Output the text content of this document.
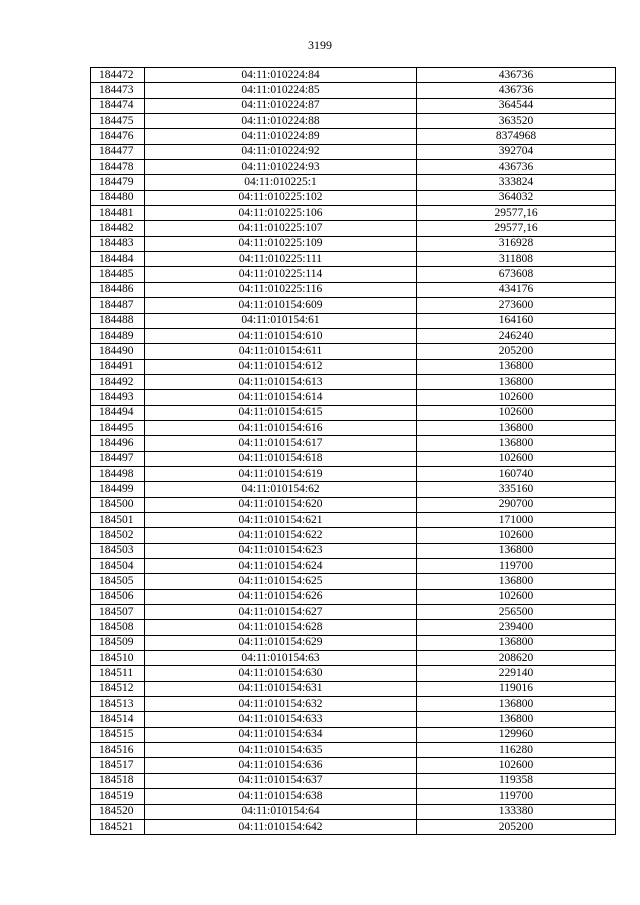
3199
184472	04:11:010224:84	436736
184473	04:11:010224:85	436736
184474	04:11:010224:87	364544
184475	04:11:010224:88	363520
184476	04:11:010224:89	8374968
184477	04:11:010224:92	392704
184478	04:11:010224:93	436736
184479	04:11:010225:1	333824
184480	04:11:010225:102	364032
184481	04:11:010225:106	29577,16
184482	04:11:010225:107	29577,16
184483	04:11:010225:109	316928
184484	04:11:010225:111	311808
184485	04:11:010225:114	673608
184486	04:11:010225:116	434176
184487	04:11:010154:609	273600
184488	04:11:010154:61	164160
184489	04:11:010154:610	246240
184490	04:11:010154:611	205200
184491	04:11:010154:612	136800
184492	04:11:010154:613	136800
184493	04:11:010154:614	102600
184494	04:11:010154:615	102600
184495	04:11:010154:616	136800
184496	04:11:010154:617	136800
184497	04:11:010154:618	102600
184498	04:11:010154:619	160740
184499	04:11:010154:62	335160
184500	04:11:010154:620	290700
184501	04:11:010154:621	171000
184502	04:11:010154:622	102600
184503	04:11:010154:623	136800
184504	04:11:010154:624	119700
184505	04:11:010154:625	136800
184506	04:11:010154:626	102600
184507	04:11:010154:627	256500
184508	04:11:010154:628	239400
184509	04:11:010154:629	136800
184510	04:11:010154:63	208620
184511	04:11:010154:630	229140
184512	04:11:010154:631	119016
184513	04:11:010154:632	136800
184514	04:11:010154:633	136800
184515	04:11:010154:634	129960
184516	04:11:010154:635	116280
184517	04:11:010154:636	102600
184518	04:11:010154:637	119358
184519	04:11:010154:638	119700
184520	04:11:010154:64	133380
184521	04:11:010154:642	205200
